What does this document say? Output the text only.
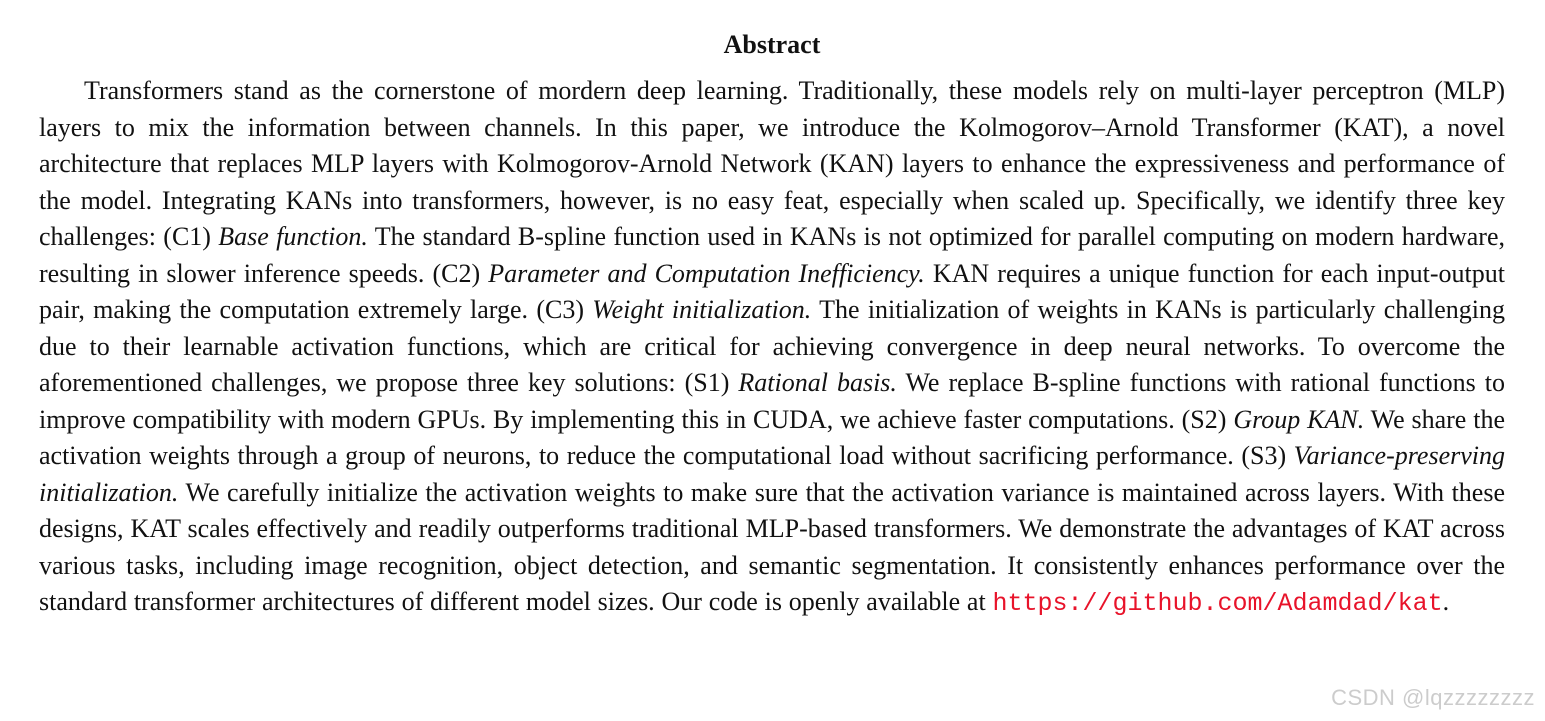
Abstract

Transformers stand as the cornerstone of mordern deep learning. Traditionally, these models rely on multi-layer perceptron (MLP) layers to mix the information between channels. In this paper, we introduce the Kolmogorov–Arnold Transformer (KAT), a novel architecture that replaces MLP layers with Kolmogorov-Arnold Network (KAN) layers to enhance the expressiveness and performance of the model. Integrating KANs into transformers, however, is no easy feat, especially when scaled up. Specifically, we identify three key challenges: (C1) Base function. The standard B-spline function used in KANs is not optimized for parallel computing on modern hardware, resulting in slower inference speeds. (C2) Parameter and Computation Inefficiency. KAN requires a unique function for each input-output pair, making the computation extremely large. (C3) Weight initialization. The initialization of weights in KANs is particularly challenging due to their learnable activation functions, which are critical for achieving convergence in deep neural networks. To overcome the aforementioned challenges, we propose three key solutions: (S1) Rational basis. We replace B-spline functions with rational functions to improve compatibility with modern GPUs. By implementing this in CUDA, we achieve faster computations. (S2) Group KAN. We share the activation weights through a group of neurons, to reduce the computational load without sacrificing performance. (S3) Variance-preserving initialization. We carefully initialize the activation weights to make sure that the activation variance is maintained across layers. With these designs, KAT scales effectively and readily outperforms traditional MLP-based transformers. We demonstrate the advantages of KAT across various tasks, including image recognition, object detection, and semantic segmentation. It consistently enhances performance over the standard transformer architectures of different model sizes. Our code is openly available at https://github.com/Adamdad/kat.

CSDN @lqzzzzzzzz
